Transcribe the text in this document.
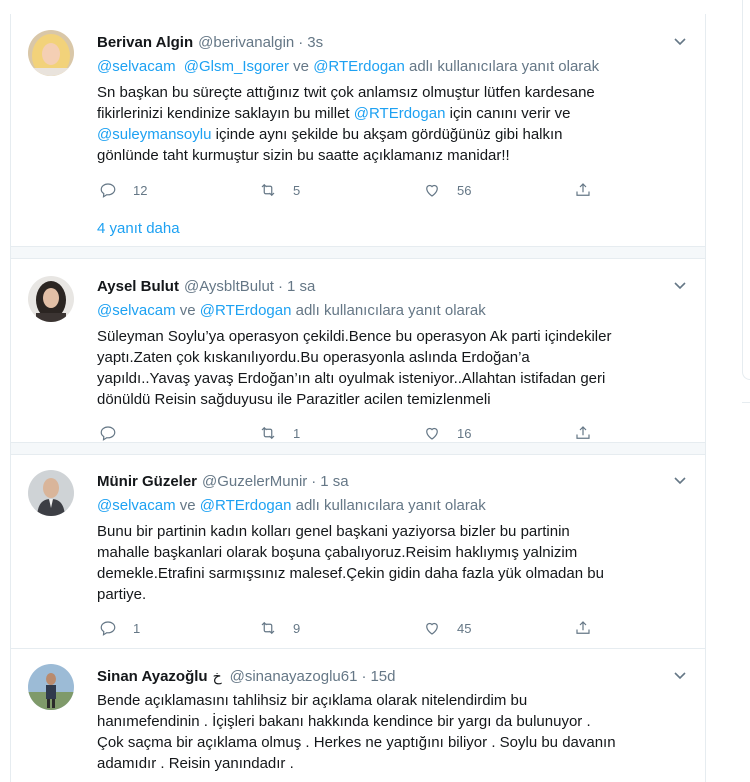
Berivan Algin @berivanalgin · 3s
@selvacam @Glsm_Isgorer ve @RTErdogan adlı kullanıcılara yanıt olarak
Sn başkan bu süreçte attığınız twit çok anlamsız olmuştur lütfen kardesane
fikirlerinizi kendinize saklayın bu millet @RTErdogan için canını verir ve
@suleymansoylu içinde aynı şekilde bu akşam gördüğünüz gibi halkın
gönlünde taht kurmuştur sizin bu saatte açıklamanız manidar!!
12	5	56
4 yanıt daha
Aysel Bulut @AysbltBulut · 1 sa
@selvacam ve @RTErdogan adlı kullanıcılara yanıt olarak
Süleyman Soylu’ya operasyon çekildi.Bence bu operasyon Ak parti içindekiler
yaptı.Zaten çok kıskanılıyordu.Bu operasyonla aslında Erdoğan’a
yapıldı..Yavaş yavaş Erdoğan’ın altı oyulmak isteniyor..Allahtan istifadan geri
dönüldü Reisin sağduyusu ile Parazitler acilen temizlenmeli
1	16
Münir Güzeler @GuzelerMunir · 1 sa
@selvacam ve @RTErdogan adlı kullanıcılara yanıt olarak
Bunu bir partinin kadın kolları genel başkani yaziyorsa bizler bu partinin
mahalle başkanlari olarak boşuna çabalıyoruz.Reisim haklıymış yalnizim
demekle.Etrafini sarmışsınız malesef.Çekin gidin daha fazla yük olmadan bu
partiye.
1	9	45
Sinan Ayazoğlu خ @sinanayazoglu61 · 15d
Bende açıklamasını tahlihsiz bir açıklama olarak nitelendirdim bu
hanımefendinin . İçişleri bakanı hakkında kendince bir yargı da bulunuyor .
Çok saçma bir açıklama olmuş . Herkes ne yaptığını biliyor . Soylu bu davanın
adamıdır . Reisin yanındadır .
